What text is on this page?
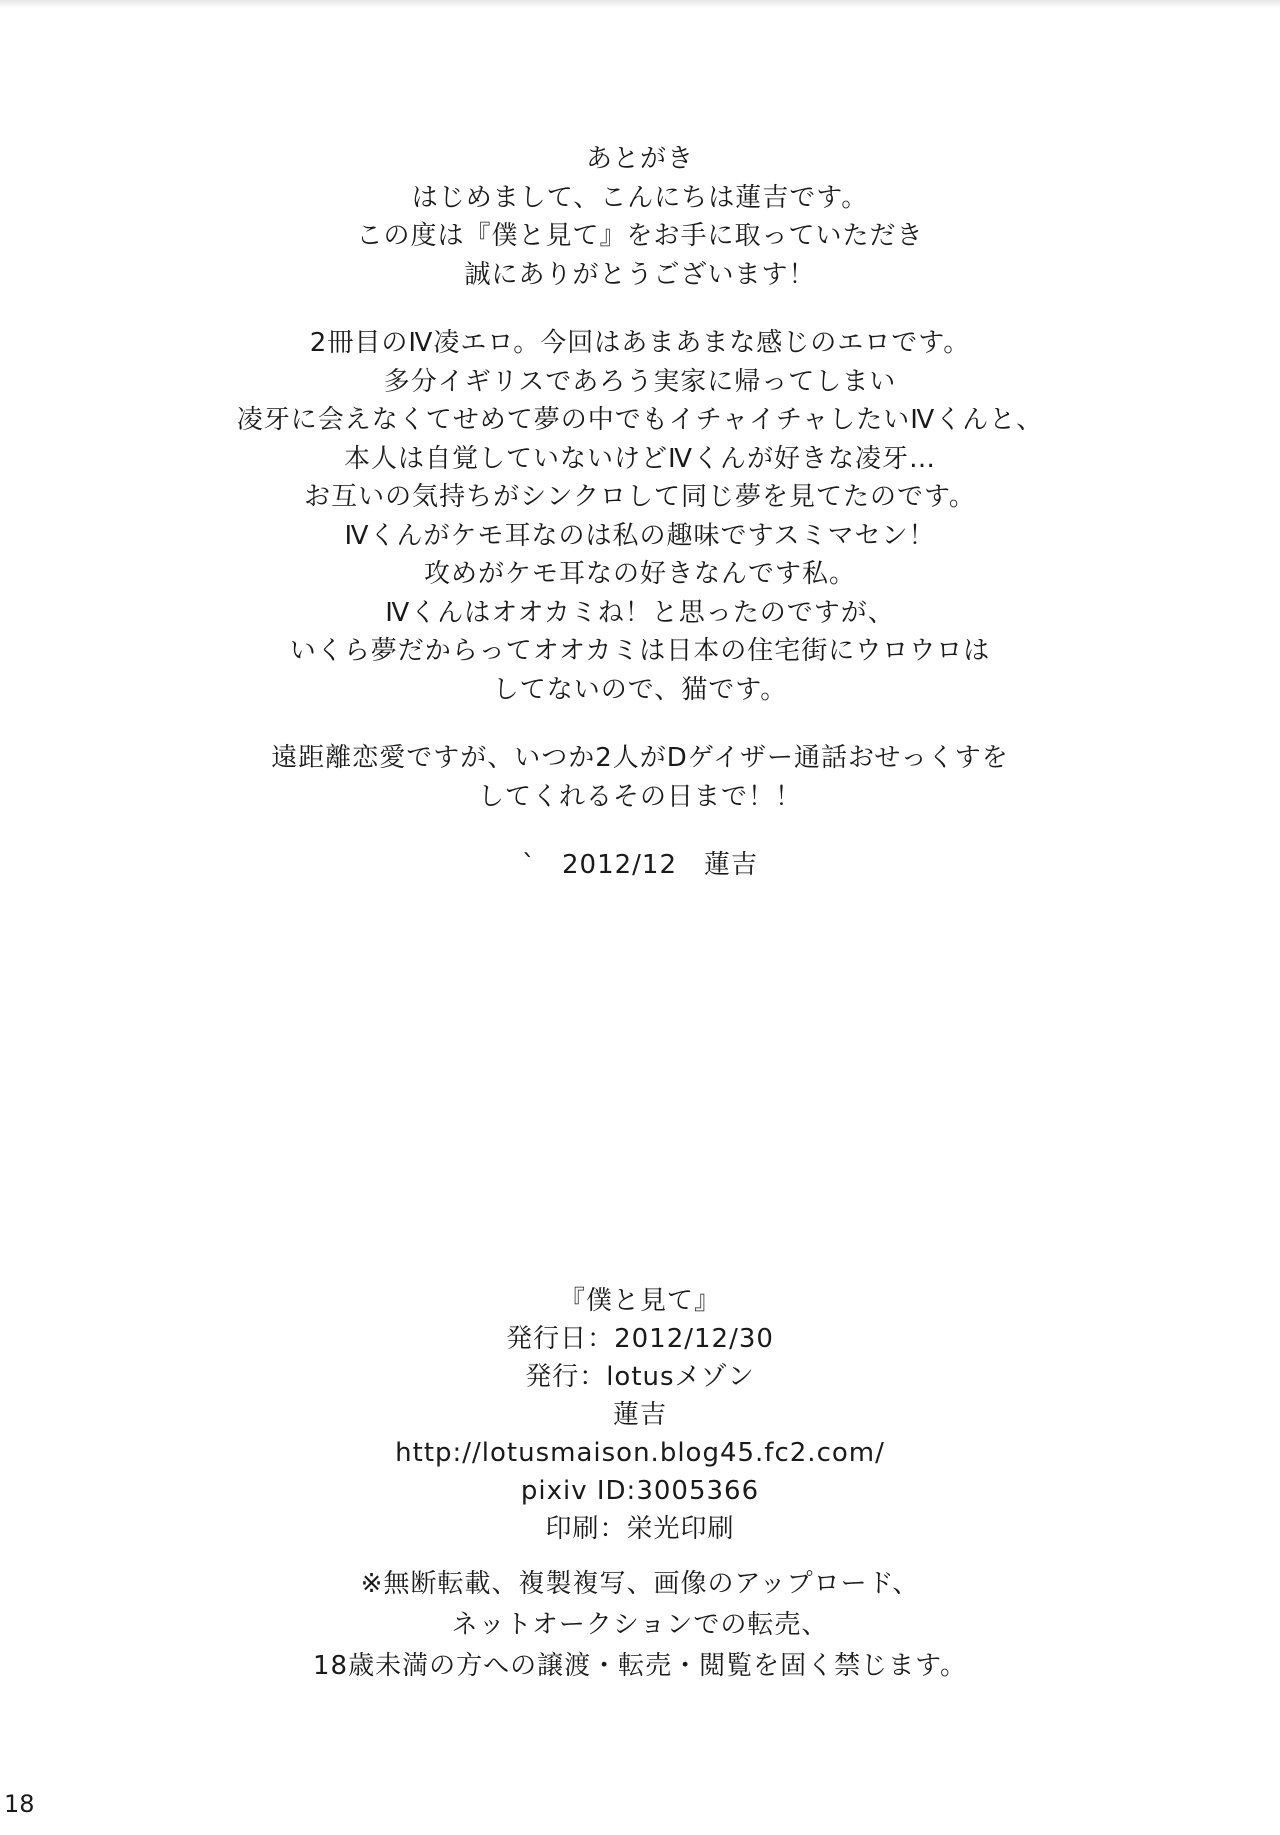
あとがき
はじめまして、こんにちは蓮吉です。
この度は『僕と見て』をお手に取っていただき
誠にありがとうございます！
2冊目のⅣ凌エロ。今回はあまあまな感じのエロです。
多分イギリスであろう実家に帰ってしまい
凌牙に会えなくてせめて夢の中でもイチャイチャしたいⅣくんと、
本人は自覚していないけどⅣくんが好きな凌牙…
お互いの気持ちがシンクロして同じ夢を見てたのです。
Ⅳくんがケモ耳なのは私の趣味ですスミマセン！
攻めがケモ耳なの好きなんです私。
Ⅳくんはオオカミね！と思ったのですが、
いくら夢だからってオオカミは日本の住宅街にウロウロは
してないので、猫です。
遠距離恋愛ですが、いつか2人がDゲイザー通話おせっくすを
してくれるその日まで！！
` 2012/12　蓮吉
『僕と見て』
発行日：2012/12/30
発行：lotusメゾン
蓮吉
http://lotusmaison.blog45.fc2.com/
pixiv ID:3005366
印刷：栄光印刷
※無断転載、複製複写、画像のアップロード、
ネットオークションでの転売、
18歳未満の方への譲渡・転売・閲覧を固く禁じます。
18
